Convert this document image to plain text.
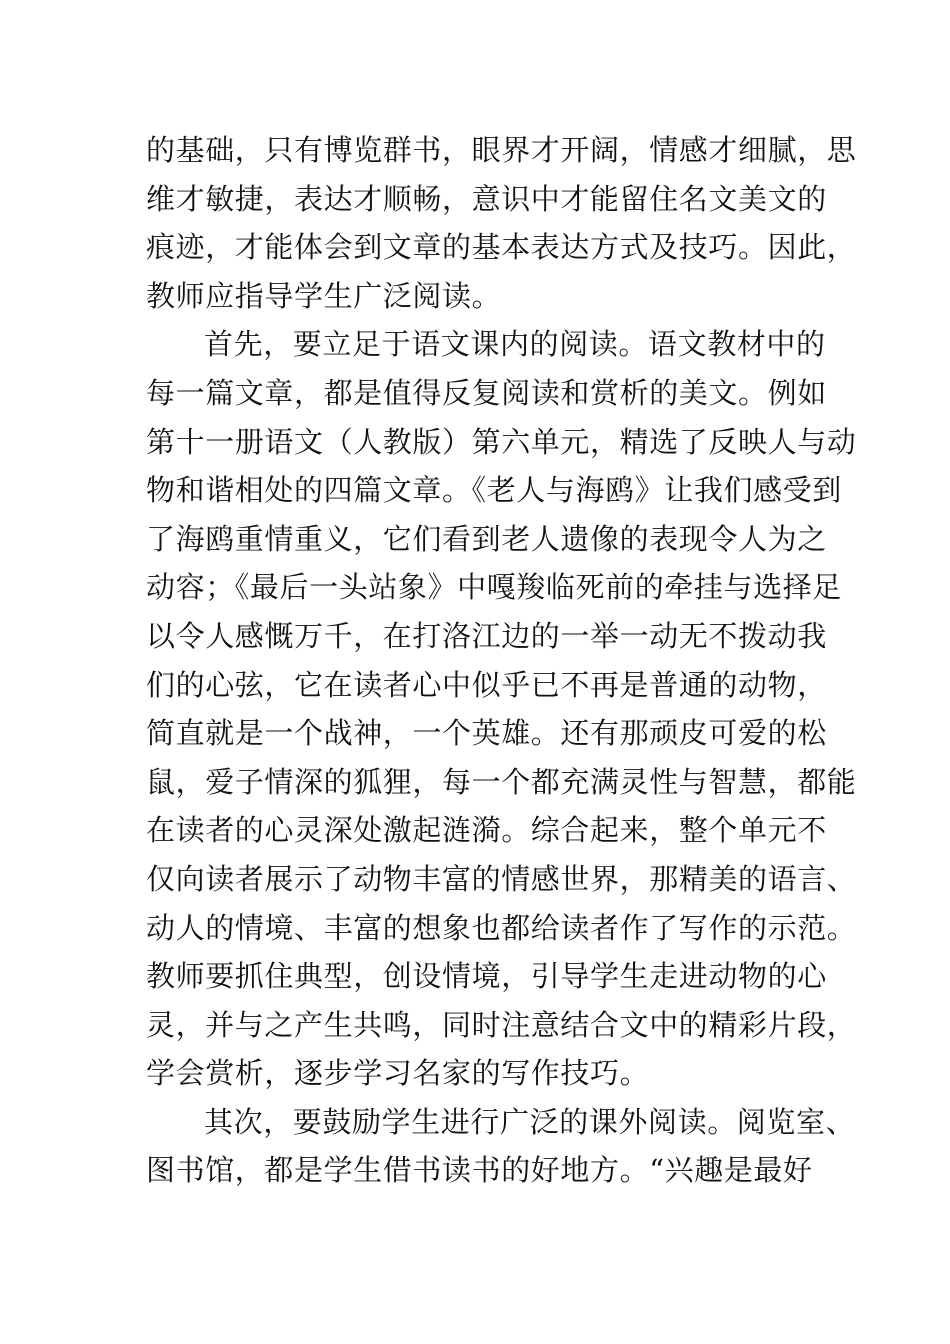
的基础，只有博览群书，眼界才开阔，情感才细腻，思
维才敏捷，表达才顺畅，意识中才能留住名文美文的
痕迹，才能体会到文章的基本表达方式及技巧。因此，
教师应指导学生广泛阅读。
首先，要立足于语文课内的阅读。语文教材中的
每一篇文章，都是值得反复阅读和赏析的美文。例如
第十一册语文（人教版）第六单元，精选了反映人与动
物和谐相处的四篇文章。《老人与海鸥》让我们感受到
了海鸥重情重义，它们看到老人遗像的表现令人为之
动容；《最后一头站象》中嘎羧临死前的牵挂与选择足
以令人感慨万千，在打洛江边的一举一动无不拨动我
们的心弦，它在读者心中似乎已不再是普通的动物，
简直就是一个战神，一个英雄。还有那顽皮可爱的松
鼠，爱子情深的狐狸，每一个都充满灵性与智慧，都能
在读者的心灵深处激起涟漪。综合起来，整个单元不
仅向读者展示了动物丰富的情感世界，那精美的语言、
动人的情境、丰富的想象也都给读者作了写作的示范。
教师要抓住典型，创设情境，引导学生走进动物的心
灵，并与之产生共鸣，同时注意结合文中的精彩片段，
学会赏析，逐步学习名家的写作技巧。
其次，要鼓励学生进行广泛的课外阅读。阅览室、
图书馆，都是学生借书读书的好地方。“兴趣是最好
